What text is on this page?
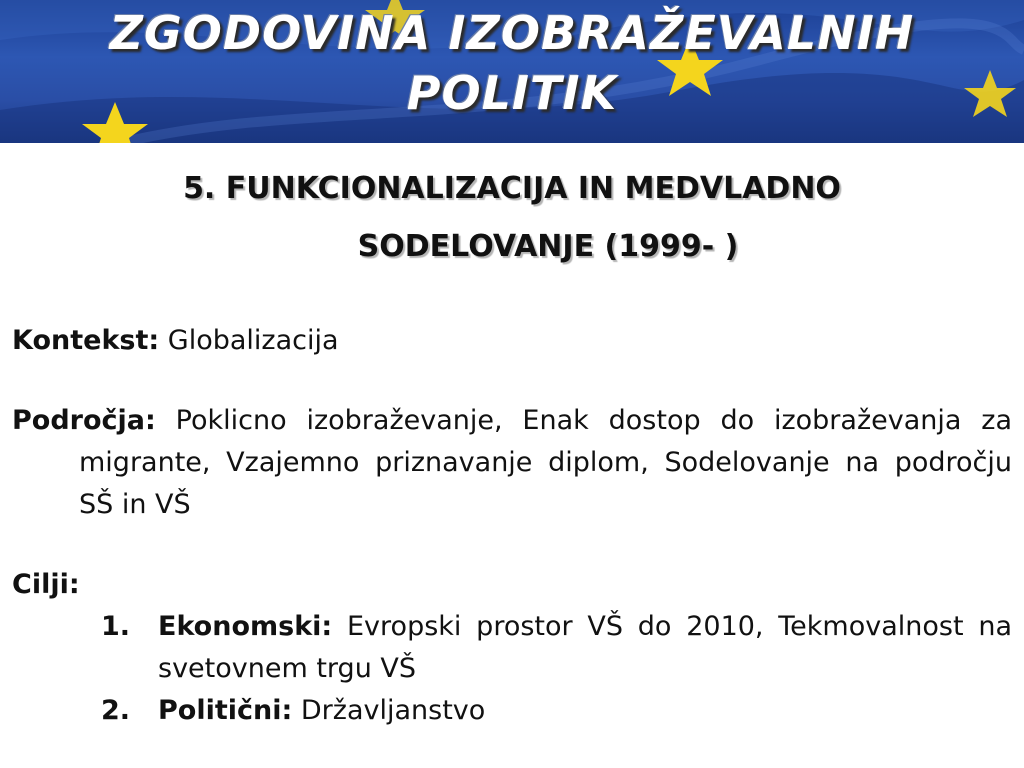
ZGODOVINA IZOBRAŽEVALNIH POLITIK
5. FUNKCIONALIZACIJA IN MEDVLADNO
SODELOVANJE (1999- )
Kontekst: Globalizacija
Področja: Poklicno izobraževanje, Enak dostop do izobraževanja za migrante, Vzajemno priznavanje diplom, Sodelovanje na področju SŠ in VŠ
Cilji:
1. Ekonomski: Evropski prostor VŠ do 2010, Tekmovalnost na svetovnem trgu VŠ
2. Politični: Državljanstvo
